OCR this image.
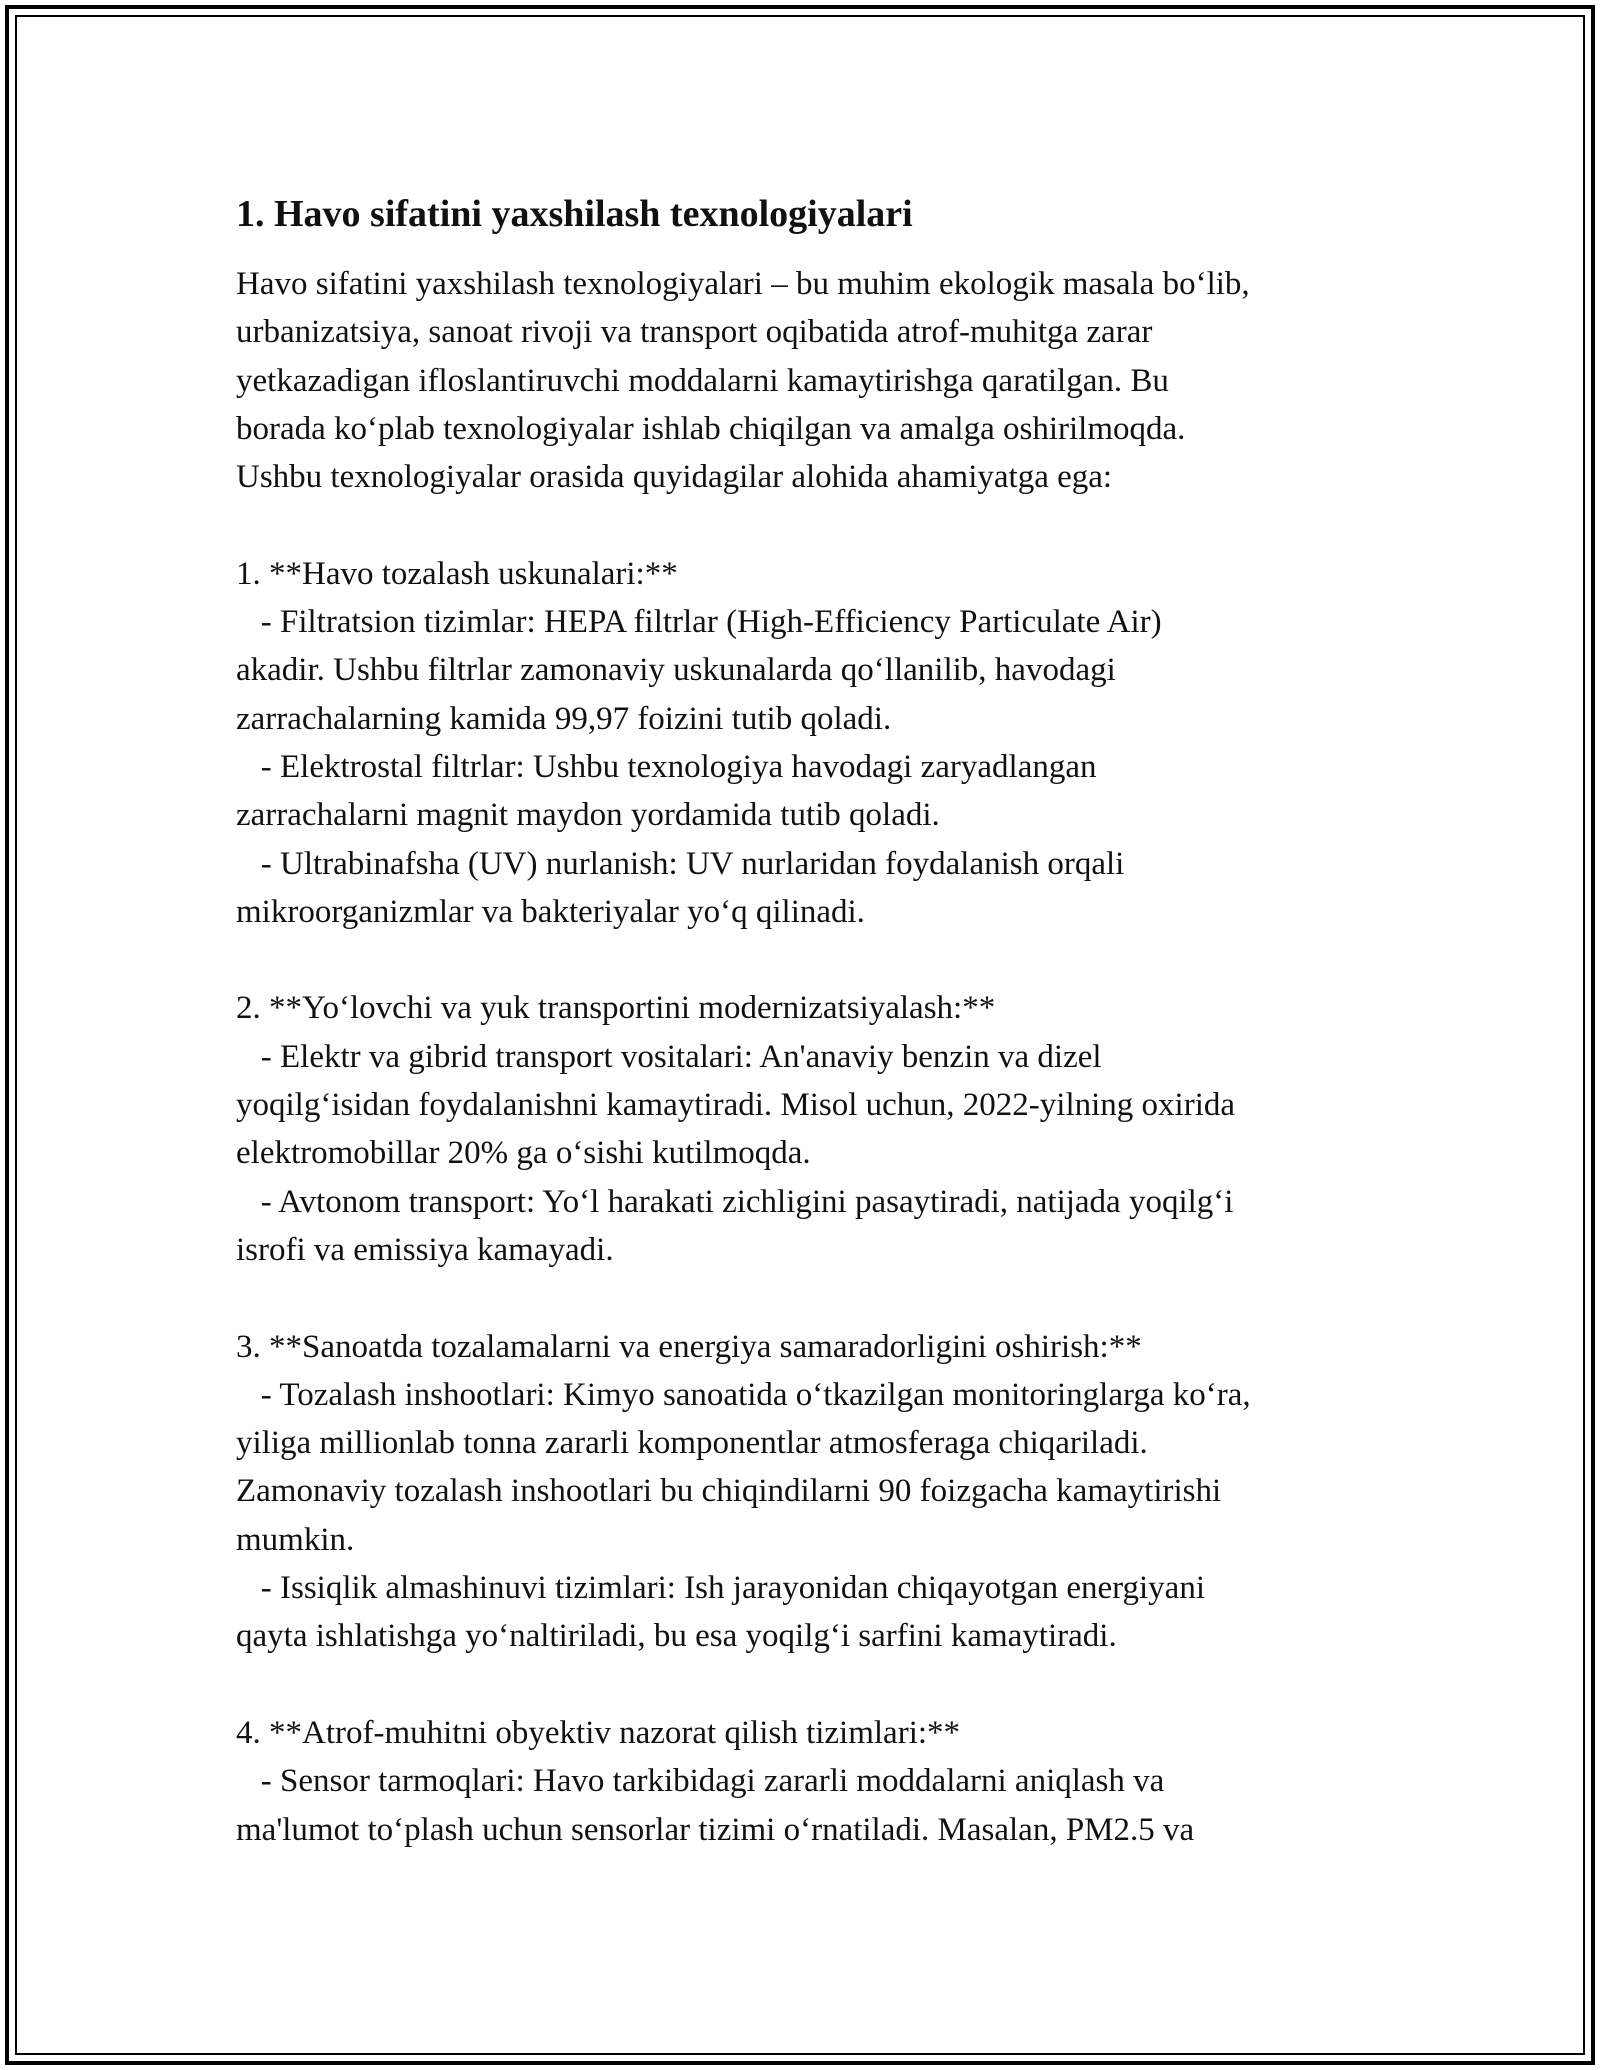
1. Havo sifatini yaxshilash texnologiyalari
Havo sifatini yaxshilash texnologiyalari – bu muhim ekologik masala bo‘lib,
urbanizatsiya, sanoat rivoji va transport oqibatida atrof-muhitga zarar
yetkazadigan ifloslantiruvchi moddalarni kamaytirishga qaratilgan. Bu
borada ko‘plab texnologiyalar ishlab chiqilgan va amalga oshirilmoqda.
Ushbu texnologiyalar orasida quyidagilar alohida ahamiyatga ega:
1. **Havo tozalash uskunalari:**
- Filtratsion tizimlar: HEPA filtrlar (High-Efficiency Particulate Air)
akadir. Ushbu filtrlar zamonaviy uskunalarda qo‘llanilib, havodagi
zarrachalarning kamida 99,97 foizini tutib qoladi.
- Elektrostal filtrlar: Ushbu texnologiya havodagi zaryadlangan
zarrachalarni magnit maydon yordamida tutib qoladi.
- Ultrabinafsha (UV) nurlanish: UV nurlaridan foydalanish orqali
mikroorganizmlar va bakteriyalar yo‘q qilinadi.
2. **Yo‘lovchi va yuk transportini modernizatsiyalash:**
- Elektr va gibrid transport vositalari: An'anaviy benzin va dizel
yoqilg‘isidan foydalanishni kamaytiradi. Misol uchun, 2022-yilning oxirida
elektromobillar 20% ga o‘sishi kutilmoqda.
- Avtonom transport: Yo‘l harakati zichligini pasaytiradi, natijada yoqilg‘i
isrofi va emissiya kamayadi.
3. **Sanoatda tozalamalarni va energiya samaradorligini oshirish:**
- Tozalash inshootlari: Kimyo sanoatida o‘tkazilgan monitoringlarga ko‘ra,
yiliga millionlab tonna zararli komponentlar atmosferaga chiqariladi.
Zamonaviy tozalash inshootlari bu chiqindilarni 90 foizgacha kamaytirishi
mumkin.
- Issiqlik almashinuvi tizimlari: Ish jarayonidan chiqayotgan energiyani
qayta ishlatishga yo‘naltiriladi, bu esa yoqilg‘i sarfini kamaytiradi.
4. **Atrof-muhitni obyektiv nazorat qilish tizimlari:**
- Sensor tarmoqlari: Havo tarkibidagi zararli moddalarni aniqlash va
ma'lumot to‘plash uchun sensorlar tizimi o‘rnatiladi. Masalan, PM2.5 va
